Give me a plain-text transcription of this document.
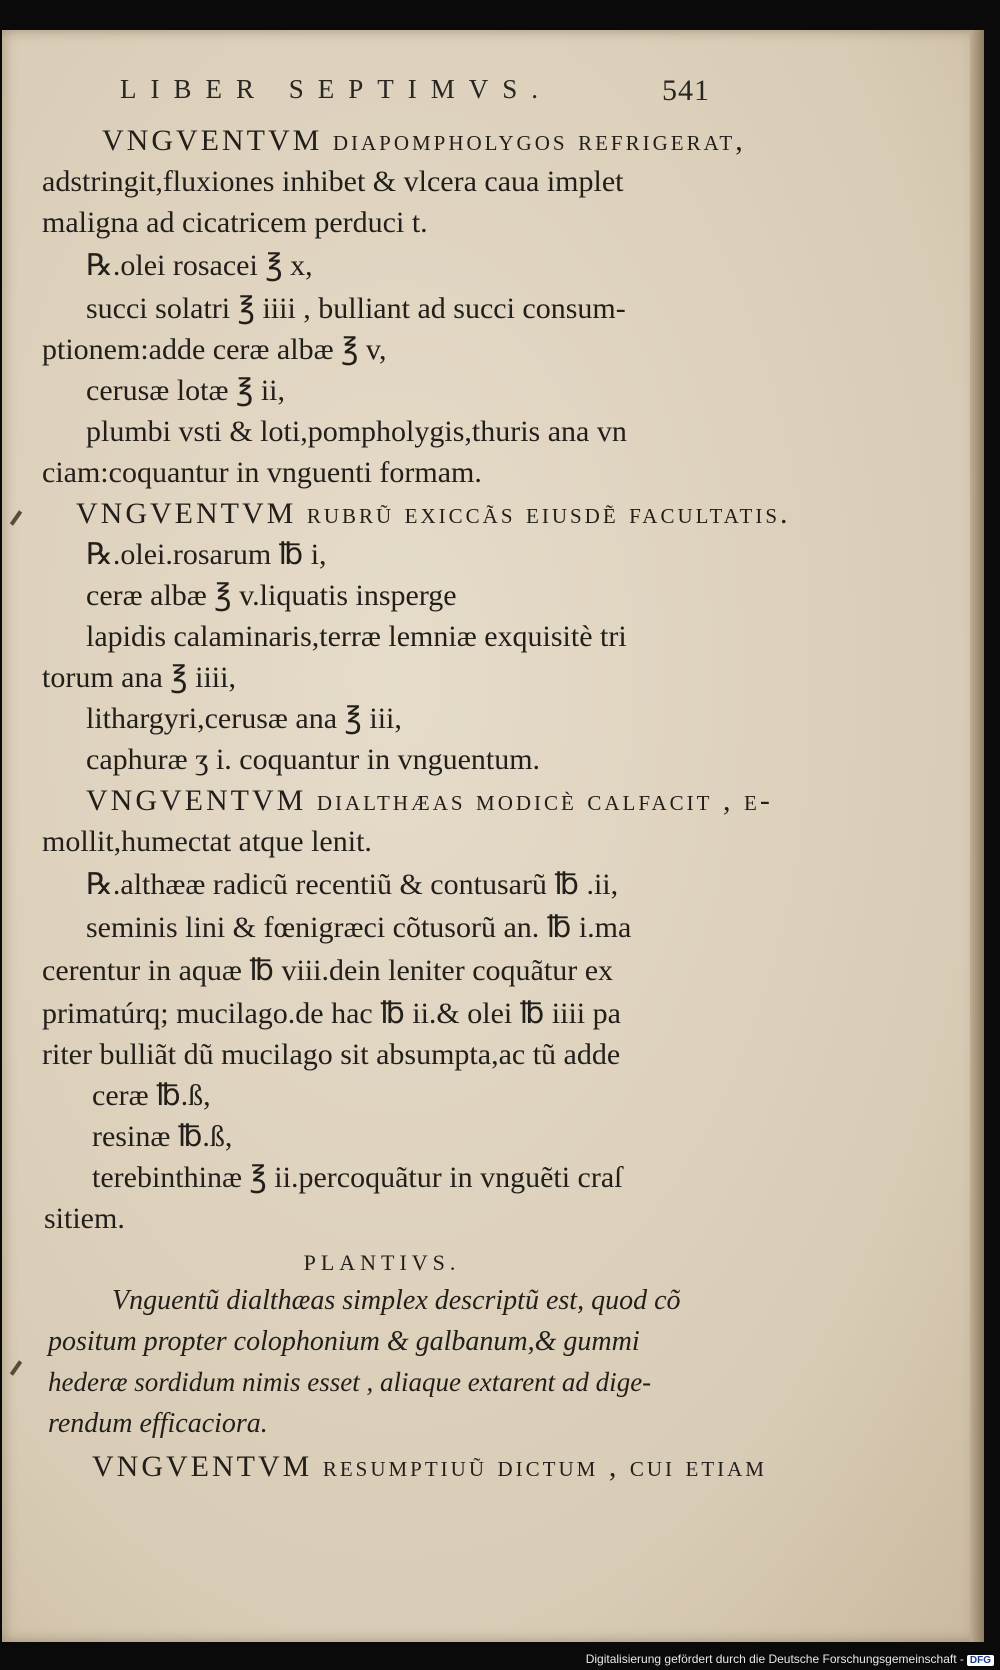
LIBER SEPTIMVS.	541
VNGVENTVM diapompholygos refrigerat,
adstringit,fluxiones inhibet & vlcera caua implet
maligna ad cicatricem perduci t.
℞.olei rosacei ℥ x,
succi solatri ℥ iiii , bulliant ad succi consum-
ptionem:adde ceræ albæ ℥ v,
cerusæ lotæ ℥ ii,
plumbi vsti & loti,pompholygis,thuris ana vn
ciam:coquantur in vnguenti formam.
VNGVENTVM rubrũ exiccãs eiusdẽ facultatis.
℞.olei.rosarum ℔ i,
ceræ albæ ℥ v.liquatis insperge
lapidis calaminaris,terræ lemniæ exquisitè tri
torum ana ℥ iiii,
lithargyri,cerusæ ana ℥ iii,
caphuræ ʒ i. coquantur in vnguentum.
VNGVENTVM dialthæas modicè calfacit , e-
mollit,humectat atque lenit.
℞.althææ radicũ recentiũ & contusarũ ℔ .ii,
seminis lini & fœnigræci cõtusorũ an. ℔ i.ma
cerentur in aquæ ℔ viii.dein leniter coquãtur ex
primatúrq; mucilago.de hac ℔ ii.& olei ℔ iiii pa
riter bulliãt dũ mucilago sit absumpta,ac tũ adde
ceræ ℔.ß,
resinæ ℔.ß,
terebinthinæ ℥ ii.percoquãtur in vnguẽti craſ
sitiem.
PLANTIVS.
Vnguentũ dialthæas simplex descriptũ est, quod cõ
positum propter colophonium & galbanum,& gummi
hederæ sordidum nimis esset , aliaque extarent ad dige-
rendum efficaciora.
VNGVENTVM resumptiuũ dictum , cui etiam
Digitalisierung gefördert durch die Deutsche Forschungsgemeinschaft - DFG
